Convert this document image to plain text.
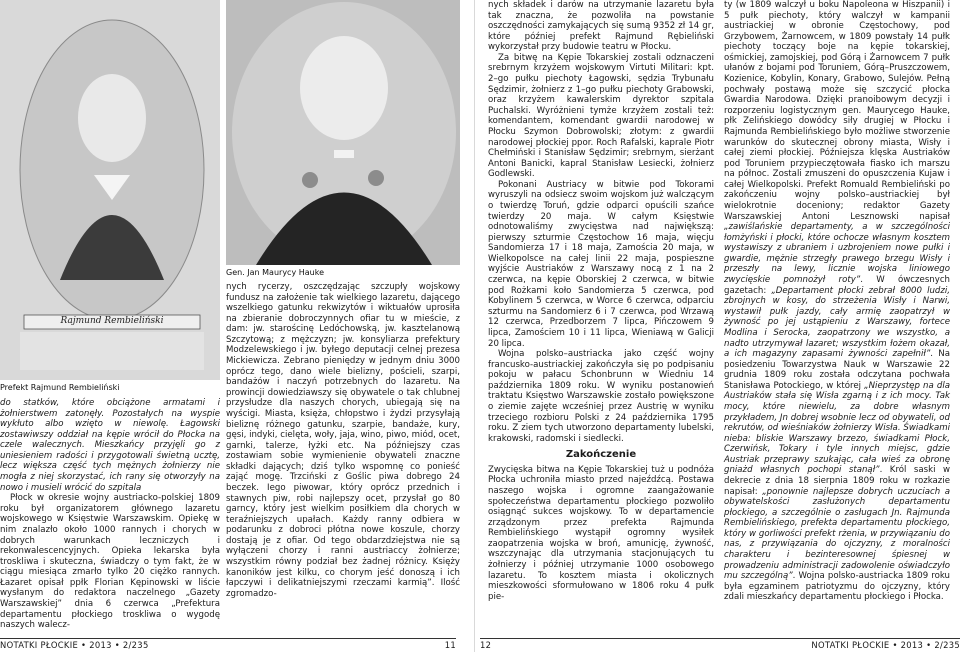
Rajmund Rembieliński
Prefekt Rajmund Rembieliński
Gen. Jan Maurycy Hauke

do statków, które obciążone armatami i żołnierstwem zatonęły. Pozostałych na wyspie wykłuto albo wzięto w niewolę. Łagowski zostawiwszy oddział na kępie wrócił do Płocka na czele walecznych. Mieszkańcy przyjęli go z uniesieniem radości i przygotowali świetną ucztę, lecz większa część tych mężnych żołnierzy nie mogła z niej skorzystać, ich rany się otworzyły na nowo i musieli wrócić do szpitala

Płock w okresie wojny austriacko-polskiej 1809 roku był organizatorem głównego lazaretu wojskowego w Księstwie Warszawskim. Opiekę w nim znalazło około 1000 rannych i chorych w dobrych warunkach leczniczych i rekonwalescencyjnych. Opieka lekarska była troskliwa i skuteczna, świadczy o tym fakt, że w ciągu miesiąca zmarło tylko 20 ciężko rannych. Łazaret opisał ppłk Florian Kępinowski w liście wysłanym do redaktora naczelnego „Gazety Warszawskiej” dnia 6 czerwca „Prefektura departamentu płockiego troskliwa o wygodę naszych walecz-

nych rycerzy, oszczędzając szczupły wojskowy fundusz na założenie tak wielkiego lazaretu, dającego wszelkiego gatunku rekwizytów i wiktuałów uprosiła na zbieranie dobroczynnych ofiar tu w mieście, z dam: jw. starościnę Ledóchowską, jw. kasztelanową Szczytową; z mężczyzn; jw. konsyliarza prefektury Modzelewskiego i jw. byłego deputacji celnej prezesa Mickiewicza. Zebrano pieniędzy w jednym dniu 3000 oprócz tego, dano wiele bielizny, pościeli, szarpi, bandażów i naczyń potrzebnych do lazaretu. Na prowincji dowiedziawszy się obywatele o tak chlubnej przysłudze dla naszych chorych, ubiegają się na wyścigi. Miasta, księża, chłopstwo i żydzi przysyłają bieliznę różnego gatunku, szarpie, bandaże, kury, gęsi, indyki, cielęta, woły, jaja, wino, piwo, miód, ocet, garnki, talerze, łyżki etc. Na późniejszy czas zostawiam sobie wymienienie obywateli znaczne składki dających; dziś tylko wspomnę co ponieść zająć mogę. Trzciński z Goślic piwa dobrego 24 beczek. Iego piwowar, który oprócz przednich i stawnych piw, robi najlepszy ocet, przysłał go 80 garncy, który jest wielkim posiłkiem dla chorych w teraźniejszych upałach. Każdy ranny odbiera w podarunku z dobroci płótna nowe koszule, chorzy dostają je z ofiar. Od tego obdarzdziejstwa nie są wyłączeni chorzy i ranni austriaccy żołnierze; wszystkim równy podział bez żadnej różnicy. Księży kanoników jest kilku, co chorym jeść donoszą i ich łapczywi i delikatniejszymi rzeczami karmią”. Ilość zgromadzo-

NOTATKI PŁOCKIE • 2013 • 2/235	11

nych składek i darów na utrzymanie lazaretu była tak znaczna, że pozwoliła na powstanie oszczędności zamykających się sumą 9352 zł 14 gr, które później prefekt Rajmund Rębieliński wykorzystał przy budowie teatru w Płocku.

Za bitwę na Kępie Tokarskiej zostali odznaczeni srebrnym krzyżem wojskowym Virtuti Militari: kpt. 2–go pułku piechoty Łagowski, sędzia Trybunału Sędzimir, żołnierz z 1–go pułku piechoty Grabowski, oraz krzyżem kawalerskim dyrektor szpitala Puchalski. Wyróżnieni tymże krzyżem zostali też: komendantem, komendant gwardii narodowej w Płocku Szymon Dobrowolski; złotym: z gwardii narodowej płockiej ppor. Roch Rafalski, kaprale Piotr Chełmiński i Stanisław Sędzimir; srebrnym, sierżant Antoni Banicki, kapral Stanisław Lesiecki, żołnierz Godlewski.

Pokonani Austriacy w bitwie pod Tokorami wyruszyli na odsiecz swoim wojskom już walczącym o twierdzę Toruń, gdzie odparci opuścili szańce twierdzy 20 maja. W całym Księstwie odnotowaliśmy zwycięstwa nad największą: pierwszy szturmie Częstochow 16 maja, więcju Sandomierza 17 i 18 maja, Zamościa 20 maja, w Wielkopolsce na całej linii 22 maja, pospieszne wyjście Austriaków z Warszawy nocą z 1 na 2 czerwca, na kępie Oborskiej 2 czerwca, w bitwie pod Rożkami koło Sandomierza 5 czerwca, pod Kobylinem 5 czerwca, w Worce 6 czerwca, odparciu szturmu na Sandomierz 6 i 7 czerwca, pod Wrzawą 12 czerwca, Przedborzem 7 lipca, Pińczowem 9 lipca, Zamościem 10 i 11 lipca, Wieniawą w Galicji 20 lipca.

Wojna polsko–austriacka jako część wojny francusko-austriackiej zakończyła się po podpisaniu pokoju w pałacu Schonbrunn w Wiedniu 14 października 1809 roku. W wyniku postanowień traktatu Księstwo Warszawskie zostało powiększone o ziemie zajęte wcześniej przez Austrię w wyniku trzeciego rozbioru Polski z 24 października 1795 roku. Z ziem tych utworzono departamenty lubelski, krakowski, radomski i siedlecki.

Zakończenie

Zwycięska bitwa na Kępie Tokarskiej tuż u podnóża Płocka uchroniła miasto przed najeźdźcą. Postawa naszego wojska i ogromne zaangażowanie społeczeństwa departamentu płockiego pozwoliło osiągnąć sukces wojskowy. To w departamencie zrządzonym przez prefekta Rajmunda Rembielińskiego wystąpił ogromny wysiłek zaopatrzenia wojska w broń, amunicję, żywność, wszczynając dla utrzymania stacjonujących tu żołnierzy i później utrzymanie 1000 osobowego lazaretu. To kosztem miasta i okolicznych mieszkowości sformułowano w 1806 roku 4 pułk pie-

ty (w 1809 walczył u boku Napoleona w Hiszpanii) i 5 pułk piechoty, który walczył w kampanii austriackiej w obronie Częstochowy, pod Grzybowem, Żarnowcem, w 1809 powstały 14 pułk piechoty toczący boje na kępie tokarskiej, ośmickiej, zamojskiej, pod Górą i Żarnowcem 7 pułk ułanów z bojami pod Toruniem, Górą–Pruszczowem, Kozienice, Kobylin, Konary, Grabowo, Sulejów. Pełną pochwały postawą może się szczycić płocka Gwardia Narodowa. Dzięki pranoibowym decyzji i rozporzeniu logistycznym gen. Maurycego Hauke, płk Zelińskiego dowódcy siły drugiej w Płocku i Rajmunda Rembielińskiego było możliwe stworzenie warunków do skutecznej obrony miasta, Wisły i całej ziemi płockiej. Późniejsza klęska Austriaków pod Toruniem przypieczętowała fiasko ich marszu na północ. Zostali zmuszeni do opuszczenia Kujaw i całej Wielkopolski. Prefekt Romuald Rembieliński po zakończeniu wojny polsko–austriackiej był wielokrotnie doceniony; redaktor Gazety Warszawskiej Antoni Lesznowski napisał „zawiślańskie departamenty, a w szczególności łomżyński i płocki, które ochocze własnym kosztem wystawiszy z ubraniem i uzbrojeniem nowe pułki i gwardie, mężnie strzegły prawego brzegu Wisły i przeszły na lewy, licznie wojska liniowego zwycięskie pomnożył roty”. W ówczesnych gazetach: „Departament płocki zebrał 8000 ludzi, zbrojnych w kosy, do strzeżenia Wisły i Narwi, wystawił pułk jazdy, cały armię zaopatrzył w żywność po jej ustąpieniu z Warszawy, fortece Modlina i Serocka, zaopatrzony we wszystko, a nadto utrzymywał lazaret; wszystkim łożem okazał, a ich magazyny zapasami żywności zapełnił”. Na posiedzeniu Towarzystwa Nauk w Warszawie 22 grudnia 1809 roku została odczytana pochwała Stanisława Potockiego, w której „Nieprzystęp na dla Austriaków stała się Wisła zgarną i z ich mocy. Tak mocy, które niewielu, za dobre własnym przykładem, Jn dobrej wsobnie lecz od obywateli, od rekrutów, od wieśniaków żołnierzy Wisła. Świadkami nieba: bliskie Warszawy brzezo, świadkami Płock, Czerwińsk, Tokary i tyle innych miejsc, gdzie Austriak przeprawy szukając, cała wieś za obronę gniażd własnych pochopi stanął”. Król saski w dekrecie z dnia 18 sierpnia 1809 roku w rozkazie napisał: „ponownie najlepsze dobrych uczuciach a obywatelskości zasłużonych departamentu płockiego, a szczególnie o zasługach Jn. Rajmunda Rembielińskiego, prefekta departamentu płockiego, który w gorliwości prefekt rżenia, w przywiązaniu do nas, z przywiązania do ojczyzny, z moralności charakteru i bezinteresownej śpiesnej w prowadzeniu administracji zadowolenie oświadczyło mu szczególną”. Wojna polsko-austriacka 1809 roku była egzaminem patriotyzmu do ojczyzny, który zdali mieszkańcy departamentu płockiego i Płocka.

12	NOTATKI PŁOCKIE • 2013 • 2/235
